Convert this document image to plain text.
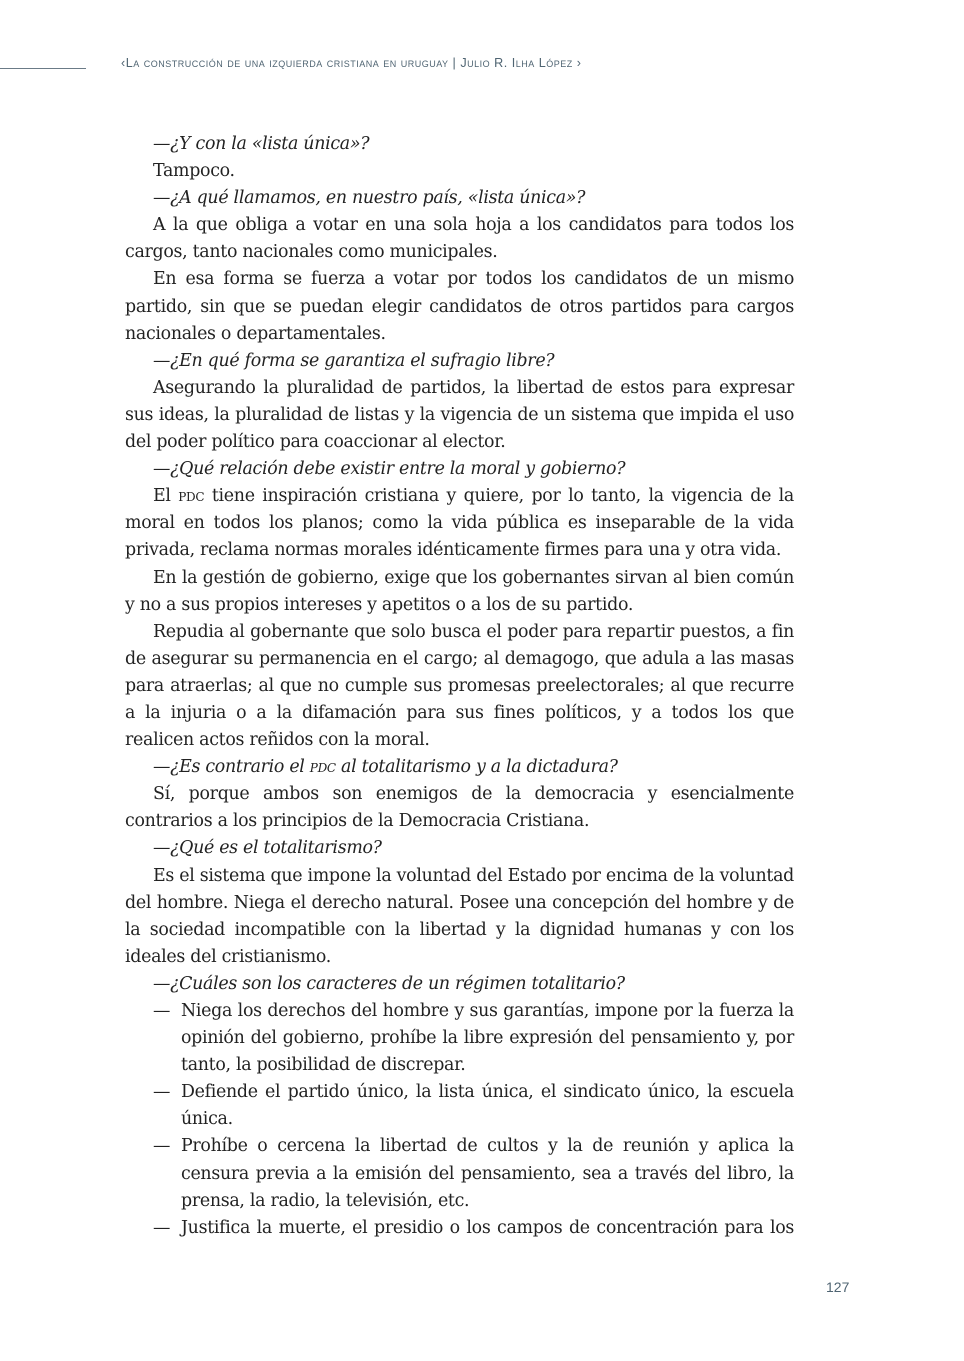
‹La construcción de una izquierda cristiana en uruguay | Julio R. Ilha López ›

—¿Y con la «lista única»?

Tampoco.

—¿A qué llamamos, en nuestro país, «lista única»?

A la que obliga a votar en una sola hoja a los candidatos para todos los cargos, tanto nacionales como municipales.

En esa forma se fuerza a votar por todos los candidatos de un mismo partido, sin que se puedan elegir candidatos de otros partidos para cargos nacionales o departamentales.

—¿En qué forma se garantiza el sufragio libre?

Asegurando la pluralidad de partidos, la libertad de estos para expresar sus ideas, la pluralidad de listas y la vigencia de un sistema que impida el uso del poder político para coaccionar al elector.

—¿Qué relación debe existir entre la moral y gobierno?

El pdc tiene inspiración cristiana y quiere, por lo tanto, la vigencia de la moral en todos los planos; como la vida pública es inseparable de la vida privada, reclama normas morales idénticamente firmes para una y otra vida.

En la gestión de gobierno, exige que los gobernantes sirvan al bien común y no a sus propios intereses y apetitos o a los de su partido.

Repudia al gobernante que solo busca el poder para repartir puestos, a fin de asegurar su permanencia en el cargo; al demagogo, que adula a las masas para atraerlas; al que no cumple sus promesas preelectorales; al que recurre a la injuria o a la difamación para sus fines políticos, y a todos los que realicen actos reñidos con la moral.

—¿Es contrario el pdc al totalitarismo y a la dictadura?

Sí, porque ambos son enemigos de la democracia y esencialmente contrarios a los principios de la Democracia Cristiana.

—¿Qué es el totalitarismo?

Es el sistema que impone la voluntad del Estado por encima de la voluntad del hombre. Niega el derecho natural. Posee una concepción del hombre y de la sociedad incompatible con la libertad y la dignidad humanas y con los ideales del cristianismo.

—¿Cuáles son los caracteres de un régimen totalitario?

— Niega los derechos del hombre y sus garantías, impone por la fuerza la opinión del gobierno, prohíbe la libre expresión del pensamiento y, por tanto, la posibilidad de discrepar.
— Defiende el partido único, la lista única, el sindicato único, la escuela única.
— Prohíbe o cercena la libertad de cultos y la de reunión y aplica la censura previa a la emisión del pensamiento, sea a través del libro, la prensa, la radio, la televisión, etc.
— Justifica la muerte, el presidio o los campos de concentración para los
127
